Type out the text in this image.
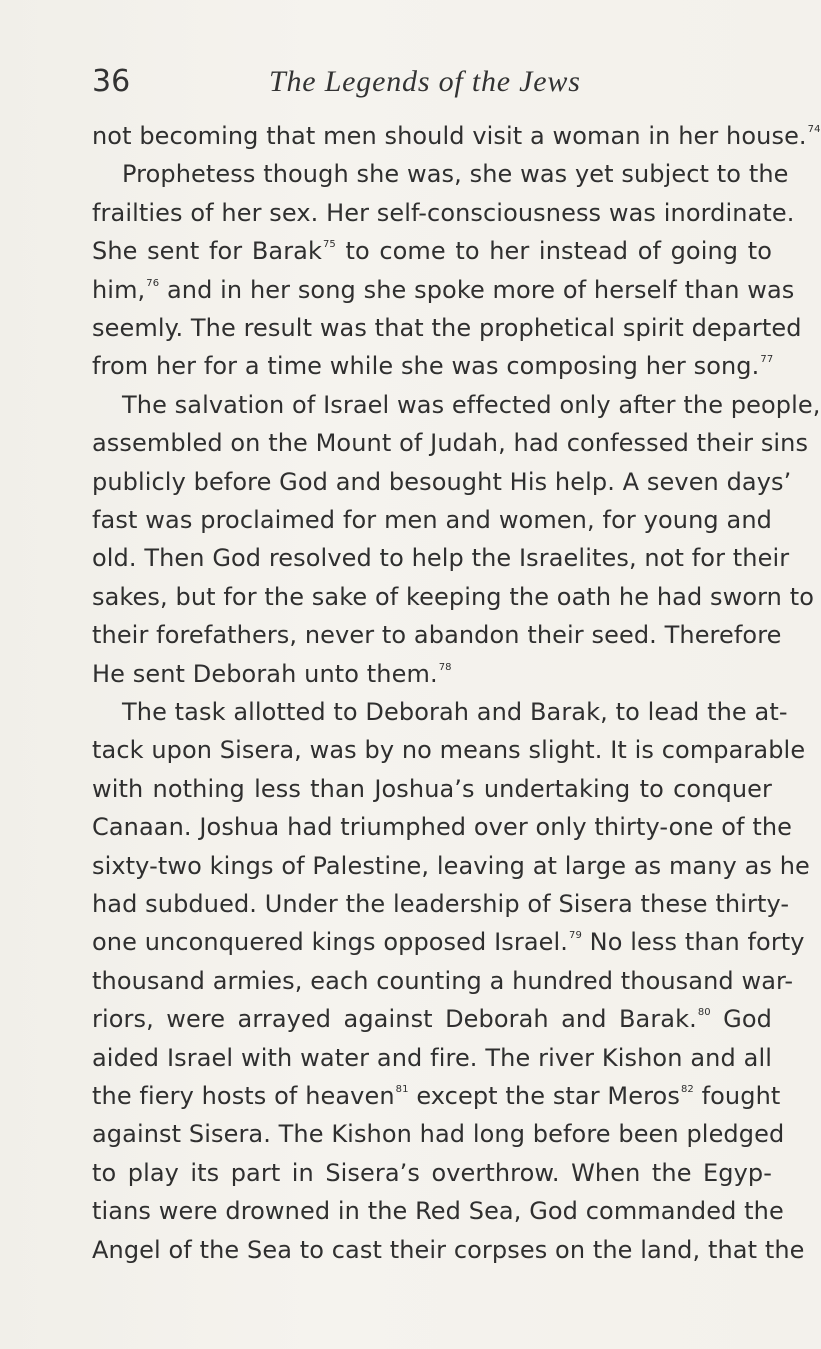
36	The Legends of the Jews
not becoming that men should visit a woman in her house.$^{74}$
Prophetess though she was, she was yet subject to the
frailties of her sex. Her self-consciousness was inordinate.
She sent for Barak$^{75}$ to come to her instead of going to
him,$^{76}$ and in her song she spoke more of herself than was
seemly. The result was that the prophetical spirit departed
from her for a time while she was composing her song.$^{77}$
The salvation of Israel was effected only after the people,
assembled on the Mount of Judah, had confessed their sins
publicly before God and besought His help. A seven days’
fast was proclaimed for men and women, for young and
old. Then God resolved to help the Israelites, not for their
sakes, but for the sake of keeping the oath he had sworn to
their forefathers, never to abandon their seed. Therefore
He sent Deborah unto them.$^{78}$
The task allotted to Deborah and Barak, to lead the at-
tack upon Sisera, was by no means slight. It is comparable
with nothing less than Joshua’s undertaking to conquer
Canaan. Joshua had triumphed over only thirty-one of the
sixty-two kings of Palestine, leaving at large as many as he
had subdued. Under the leadership of Sisera these thirty-
one unconquered kings opposed Israel.$^{79}$ No less than forty
thousand armies, each counting a hundred thousand war-
riors, were arrayed against Deborah and Barak.$^{80}$ God
aided Israel with water and fire. The river Kishon and all
the fiery hosts of heaven$^{81}$ except the star Meros$^{82}$ fought
against Sisera. The Kishon had long before been pledged
to play its part in Sisera’s overthrow. When the Egyp-
tians were drowned in the Red Sea, God commanded the
Angel of the Sea to cast their corpses on the land, that the
